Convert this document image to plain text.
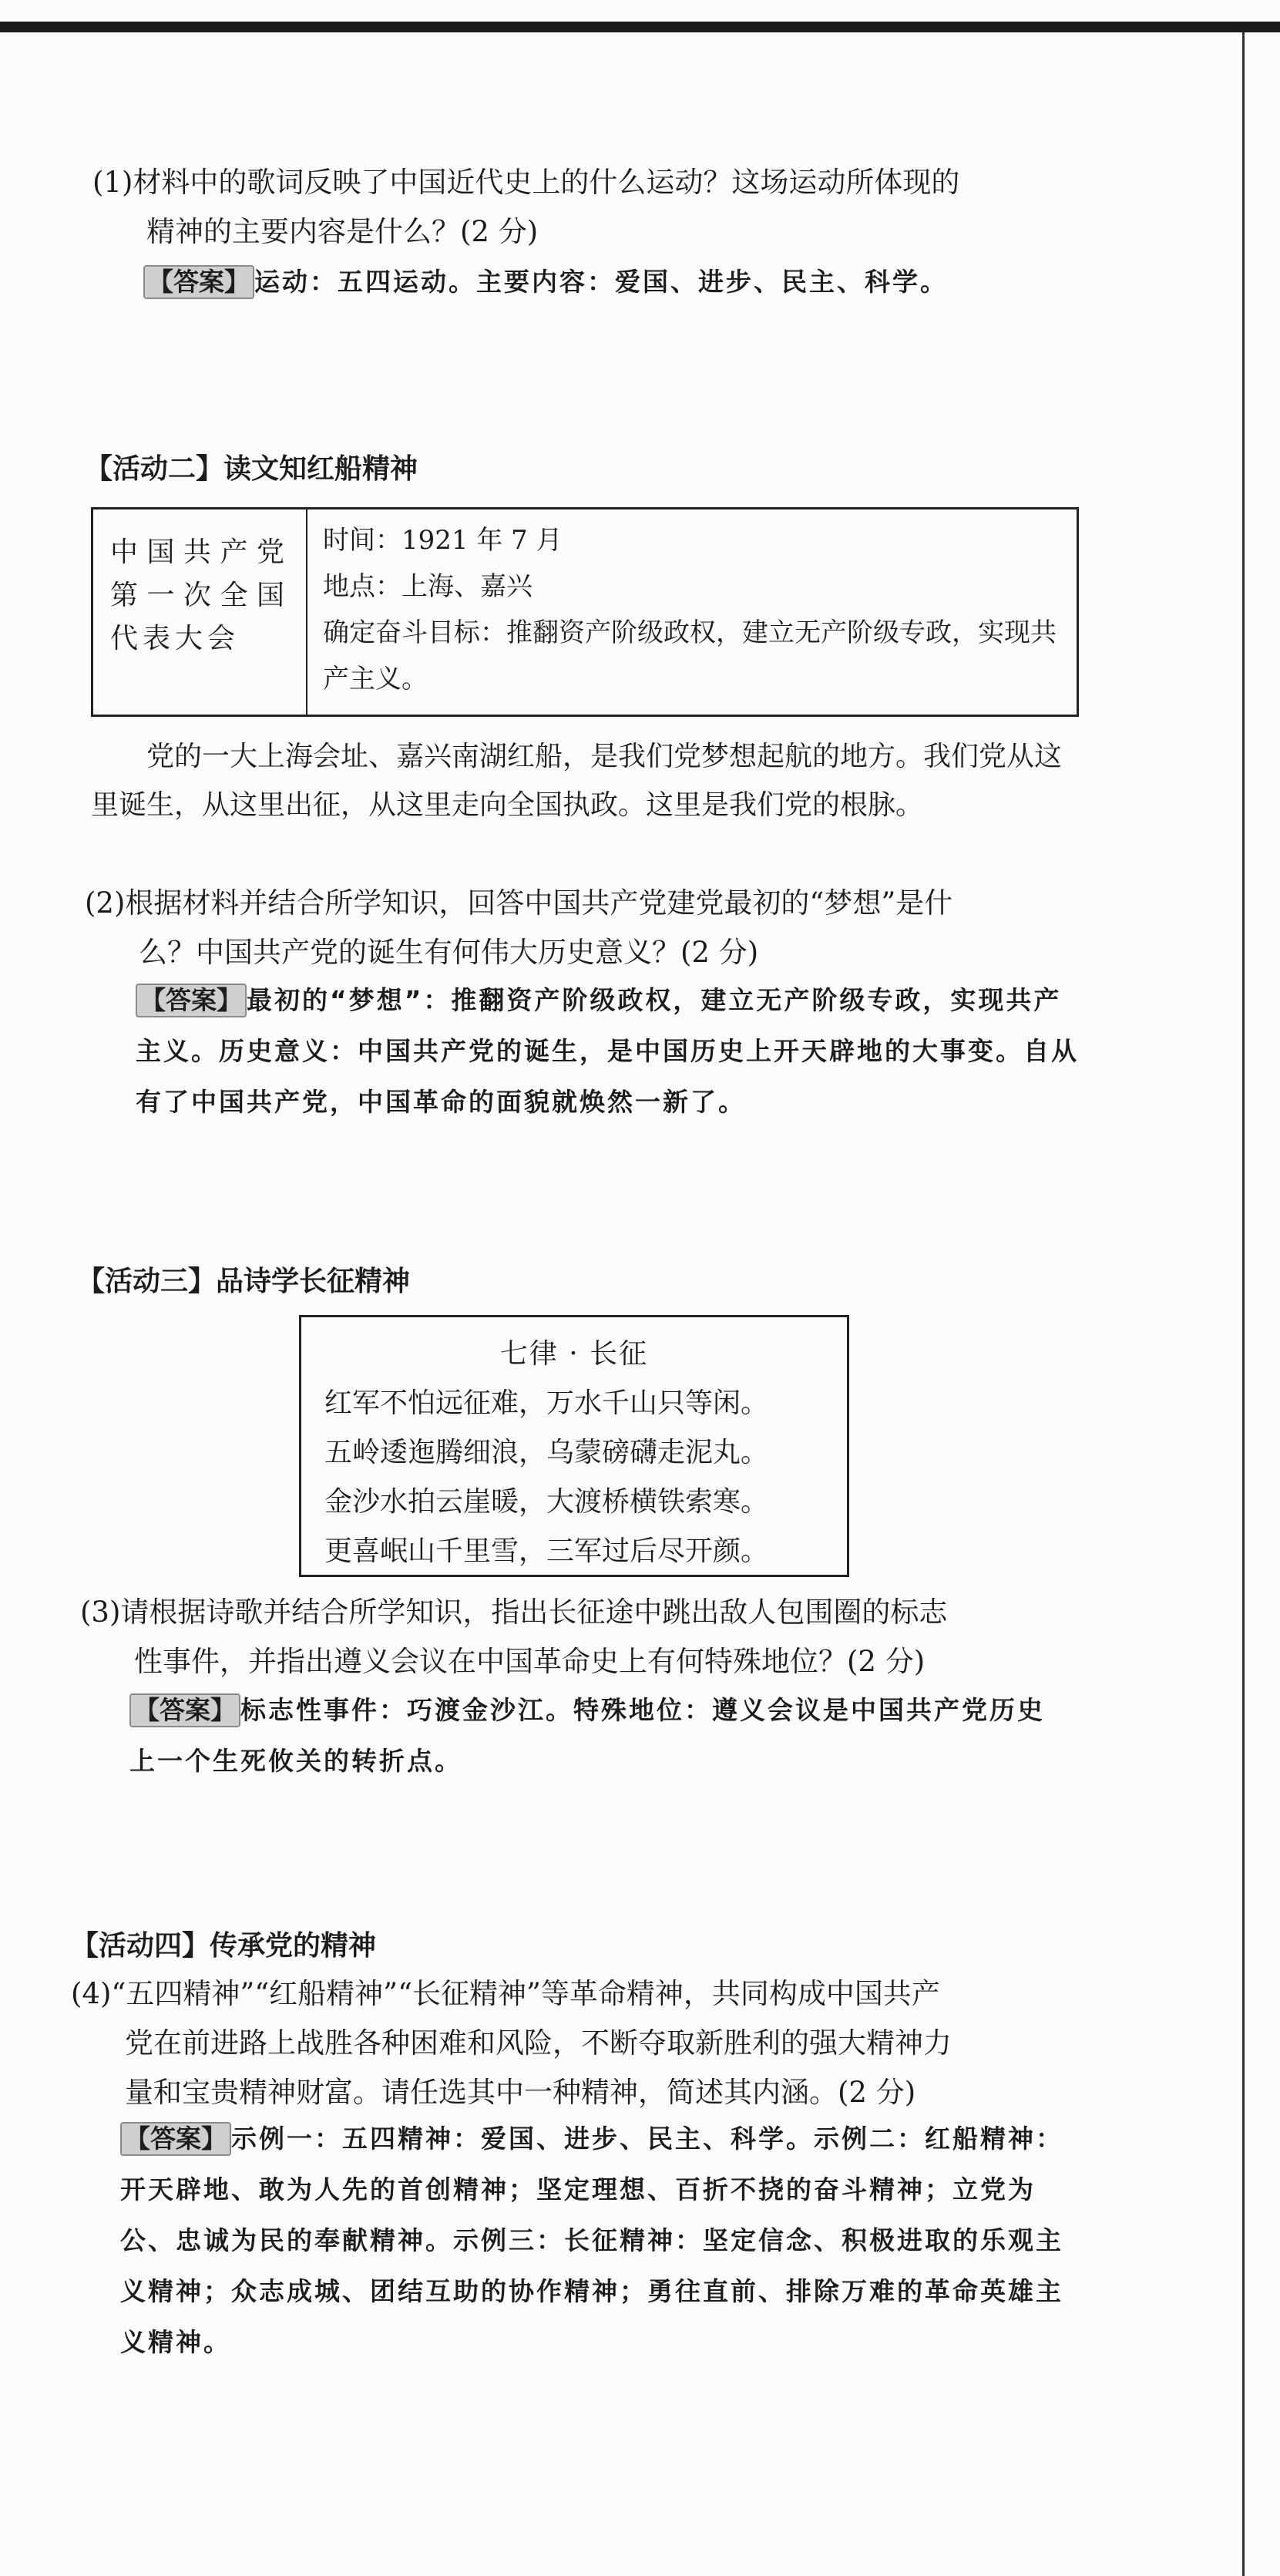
(1)材料中的歌词反映了中国近代史上的什么运动？这场运动所体现的
精神的主要内容是什么？(2 分)
【答案】 运动：五四运动。主要内容：爱国、进步、民主、科学。
【活动二】读文知红船精神
中国共产党第一次全国代表大会
时间：1921 年 7 月
地点：上海、嘉兴
确定奋斗目标：推翻资产阶级政权，建立无产阶级专政，实现共产主义。
党的一大上海会址、嘉兴南湖红船，是我们党梦想起航的地方。我们党从这里诞生，从这里出征，从这里走向全国执政。这里是我们党的根脉。
(2)根据材料并结合所学知识，回答中国共产党建党最初的“梦想”是什
么？中国共产党的诞生有何伟大历史意义？(2 分)
【答案】 最初的“梦想”：推翻资产阶级政权，建立无产阶级专政，实现共产主义。历史意义：中国共产党的诞生，是中国历史上开天辟地的大事变。自从有了中国共产党，中国革命的面貌就焕然一新了。
【活动三】品诗学长征精神
七律 · 长征
红军不怕远征难，万水千山只等闲。
五岭逶迤腾细浪，乌蒙磅礴走泥丸。
金沙水拍云崖暖，大渡桥横铁索寒。
更喜岷山千里雪，三军过后尽开颜。
(3)请根据诗歌并结合所学知识，指出长征途中跳出敌人包围圈的标志
性事件，并指出遵义会议在中国革命史上有何特殊地位？(2 分)
【答案】 标志性事件：巧渡金沙江。特殊地位：遵义会议是中国共产党历史上一个生死攸关的转折点。
【活动四】传承党的精神
(4)“五四精神”“红船精神”“长征精神”等革命精神，共同构成中国共产
党在前进路上战胜各种困难和风险，不断夺取新胜利的强大精神力
量和宝贵精神财富。请任选其中一种精神，简述其内涵。(2 分)
【答案】 示例一：五四精神：爱国、进步、民主、科学。示例二：红船精神：开天辟地、敢为人先的首创精神；坚定理想、百折不挠的奋斗精神；立党为公、忠诚为民的奉献精神。示例三：长征精神：坚定信念、积极进取的乐观主义精神；众志成城、团结互助的协作精神；勇往直前、排除万难的革命英雄主义精神。
